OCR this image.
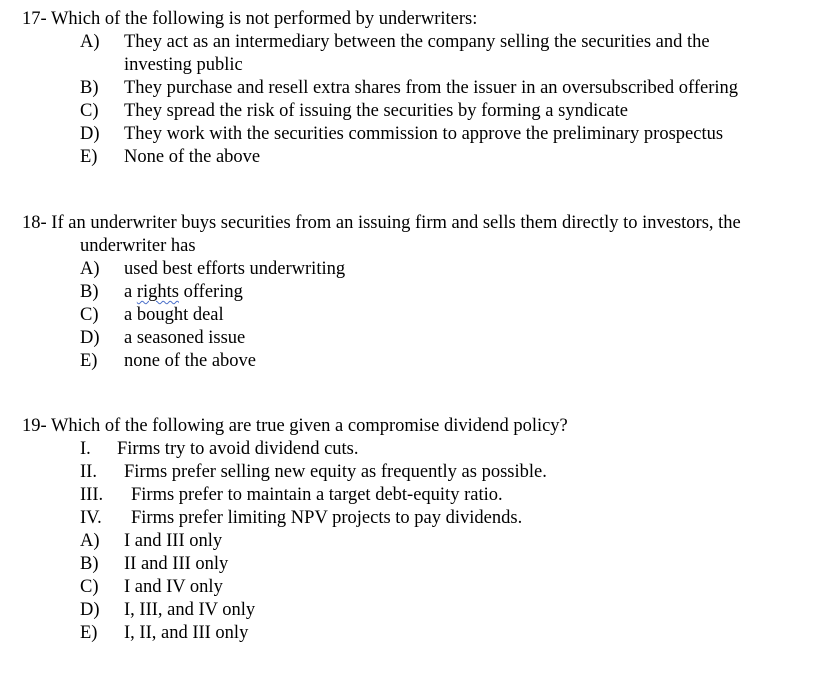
17- Which of the following is not performed by underwriters:
A) They act as an intermediary between the company selling the securities and the
investing public
B) They purchase and resell extra shares from the issuer in an oversubscribed offering
C) They spread the risk of issuing the securities by forming a syndicate
D) They work with the securities commission to approve the preliminary prospectus
E) None of the above
18- If an underwriter buys securities from an issuing firm and sells them directly to investors, the
underwriter has
A) used best efforts underwriting
B) a rights offering
C) a bought deal
D) a seasoned issue
E) none of the above
19- Which of the following are true given a compromise dividend policy?
I. Firms try to avoid dividend cuts.
II. Firms prefer selling new equity as frequently as possible.
III. Firms prefer to maintain a target debt-equity ratio.
IV. Firms prefer limiting NPV projects to pay dividends.
A) I and III only
B) II and III only
C) I and IV only
D) I, III, and IV only
E) I, II, and III only
